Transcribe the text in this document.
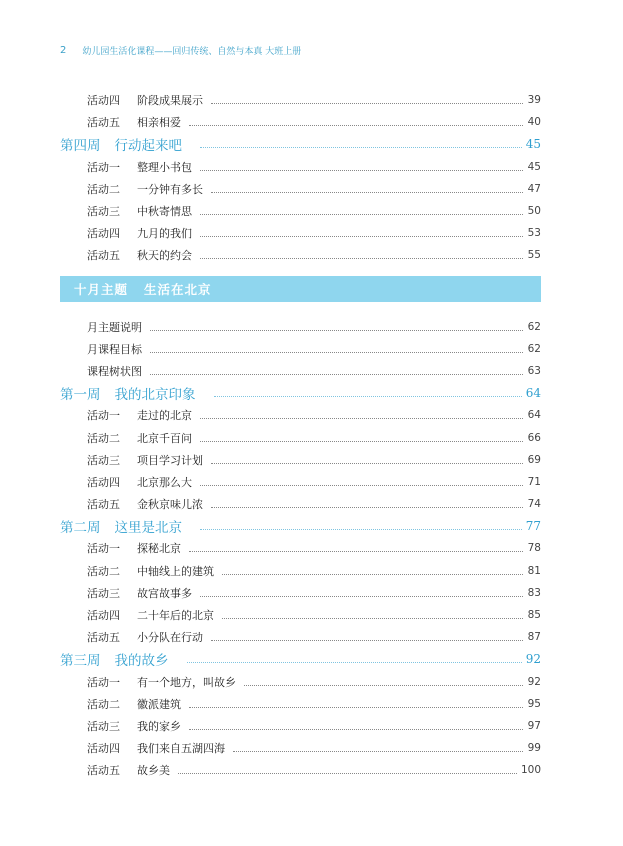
2 幼儿园生活化课程——回归传统、自然与本真 大班上册
活动四	阶段成果展示	39
活动五	相亲相爱	40
第四周 行动起来吧	45
活动一	整理小书包	45
活动二	一分钟有多长	47
活动三	中秋寄情思	50
活动四	九月的我们	53
活动五	秋天的约会	55
十月主题 生活在北京
月主题说明	62
月课程目标	62
课程树状图	63
第一周 我的北京印象	64
活动一	走过的北京	64
活动二	北京千百问	66
活动三	项目学习计划	69
活动四	北京那么大	71
活动五	金秋京味儿浓	74
第二周 这里是北京	77
活动一	探秘北京	78
活动二	中轴线上的建筑	81
活动三	故宫故事多	83
活动四	二十年后的北京	85
活动五	小分队在行动	87
第三周 我的故乡	92
活动一	有一个地方，叫故乡	92
活动二	徽派建筑	95
活动三	我的家乡	97
活动四	我们来自五湖四海	99
活动五	故乡美	100
